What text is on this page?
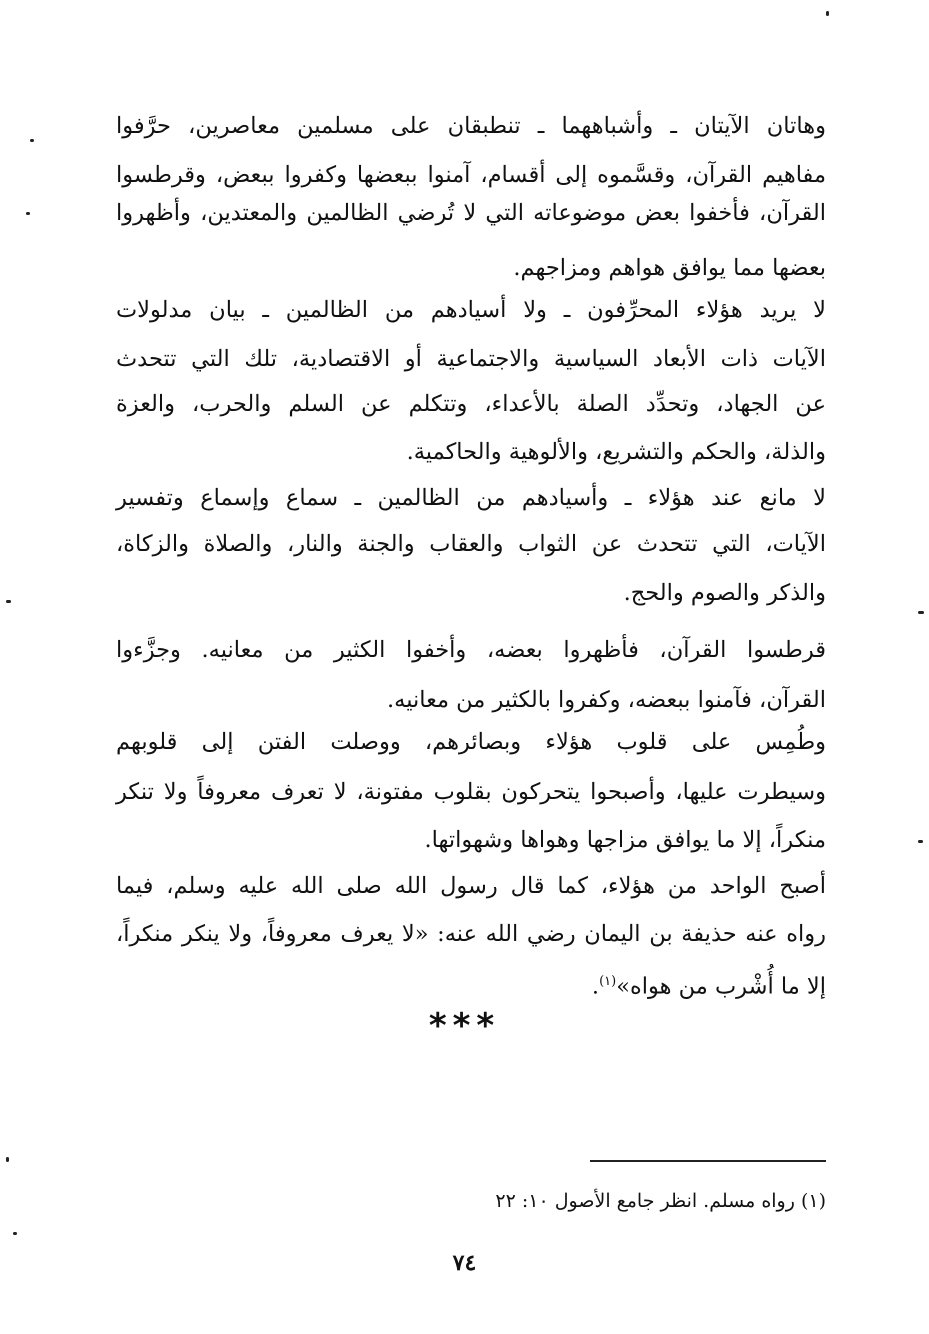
وهاتان الآيتان ـ وأشباههما ـ تنطبقان على مسلمين معاصرين، حرَّفوا
مفاهيم القرآن، وقسَّموه إلى أقسام، آمنوا ببعضها وكفروا ببعض، وقرطسوا
القرآن، فأخفوا بعض موضوعاته التي لا تُرضي الظالمين والمعتدين، وأظهروا
بعضها مما يوافق هواهم ومزاجهم.
لا يريد هؤلاء المحرِّفون ـ ولا أسيادهم من الظالمين ـ بيان مدلولات
الآيات ذات الأبعاد السياسية والاجتماعية أو الاقتصادية، تلك التي تتحدث
عن الجهاد، وتحدِّد الصلة بالأعداء، وتتكلم عن السلم والحرب، والعزة
والذلة، والحكم والتشريع، والألوهية والحاكمية.
لا مانع عند هؤلاء ـ وأسيادهم من الظالمين ـ سماع وإسماع وتفسير
الآيات، التي تتحدث عن الثواب والعقاب والجنة والنار، والصلاة والزكاة،
والذكر والصوم والحج.
قرطسوا القرآن، فأظهروا بعضه، وأخفوا الكثير من معانيه. وجزَّءوا
القرآن، فآمنوا ببعضه، وكفروا بالكثير من معانيه.
وطُمِس على قلوب هؤلاء وبصائرهم، ووصلت الفتن إلى قلوبهم
وسيطرت عليها، وأصبحوا يتحركون بقلوب مفتونة، لا تعرف معروفاً ولا تنكر
منكراً، إلا ما يوافق مزاجها وهواها وشهواتها.
أصبح الواحد من هؤلاء، كما قال رسول الله صلى الله عليه وسلم، فيما
رواه عنه حذيفة بن اليمان رضي الله عنه: «لا يعرف معروفاً، ولا ينكر منكراً،
إلا ما أُشْرب من هواه»$^{(١)}$.
***
(١) رواه مسلم. انظر جامع الأصول ١٠: ٢٢
٧٤
